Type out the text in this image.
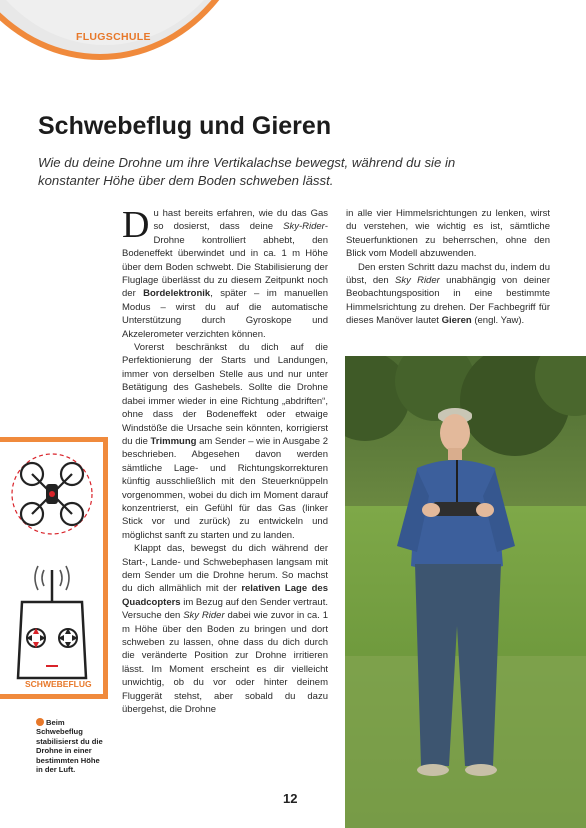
FLUGSCHULE
Schwebeflug und Gieren

Wie du deine Drohne um ihre Vertikalachse bewegst, während du sie in konstanter Höhe über dem Boden schweben lässt.

Du hast bereits erfahren, wie du das Gas so dosierst, dass deine Sky-Rider-Drohne kontrolliert abhebt, den Bodeneffekt überwindet und in ca. 1 m Höhe über dem Boden schwebt. Die Stabilisierung der Fluglage überlässt du zu diesem Zeitpunkt noch der Bordelektronik, später – im manuellen Modus – wirst du auf die automatische Unterstützung durch Gyroskope und Akzelerometer verzichten können.

Vorerst beschränkst du dich auf die Perfektionierung der Starts und Landungen, immer von derselben Stelle aus und nur unter Betätigung des Gashebels. Sollte die Drohne dabei immer wieder in eine Richtung „abdriften“, ohne dass der Bodeneffekt oder etwaige Windstöße die Ursache sein könnten, korrigierst du die Trimmung am Sender – wie in Ausgabe 2 beschrieben. Abgesehen davon werden sämtliche Lage- und Richtungskorrekturen künftig ausschließlich mit den Steuerknüppeln vorgenommen, wobei du dich im Moment darauf konzentrierst, ein Gefühl für das Gas (linker Stick vor und zurück) zu entwickeln und möglichst sanft zu starten und zu landen.

Klappt das, bewegst du dich während der Start-, Lande- und Schwebephasen langsam mit dem Sender um die Drohne herum. So machst du dich allmählich mit der relativen Lage des Quadcopters im Bezug auf den Sender vertraut. Versuche den Sky Rider dabei wie zuvor in ca. 1 m Höhe über den Boden zu bringen und dort schweben zu lassen, ohne dass du dich durch die veränderte Position zur Drohne irritieren lässt. Im Moment erscheint es dir vielleicht unwichtig, ob du vor oder hinter deinem Fluggerät stehst, aber sobald du dazu übergehst, die Drohne

in alle vier Himmelsrichtungen zu lenken, wirst du verstehen, wie wichtig es ist, sämtliche Steuerfunktionen zu beherrschen, ohne den Blick vom Modell abzuwenden.

Den ersten Schritt dazu machst du, indem du übst, den Sky Rider unabhängig von deiner Beobachtungsposition in eine bestimmte Himmelsrichtung zu drehen. Der Fachbegriff für dieses Manöver lautet Gieren (engl. Yaw).

SCHWEBEFLUG
Beim Schwebeflug stabilisierst du die Drohne in einer bestimmten Höhe in der Luft.
12
